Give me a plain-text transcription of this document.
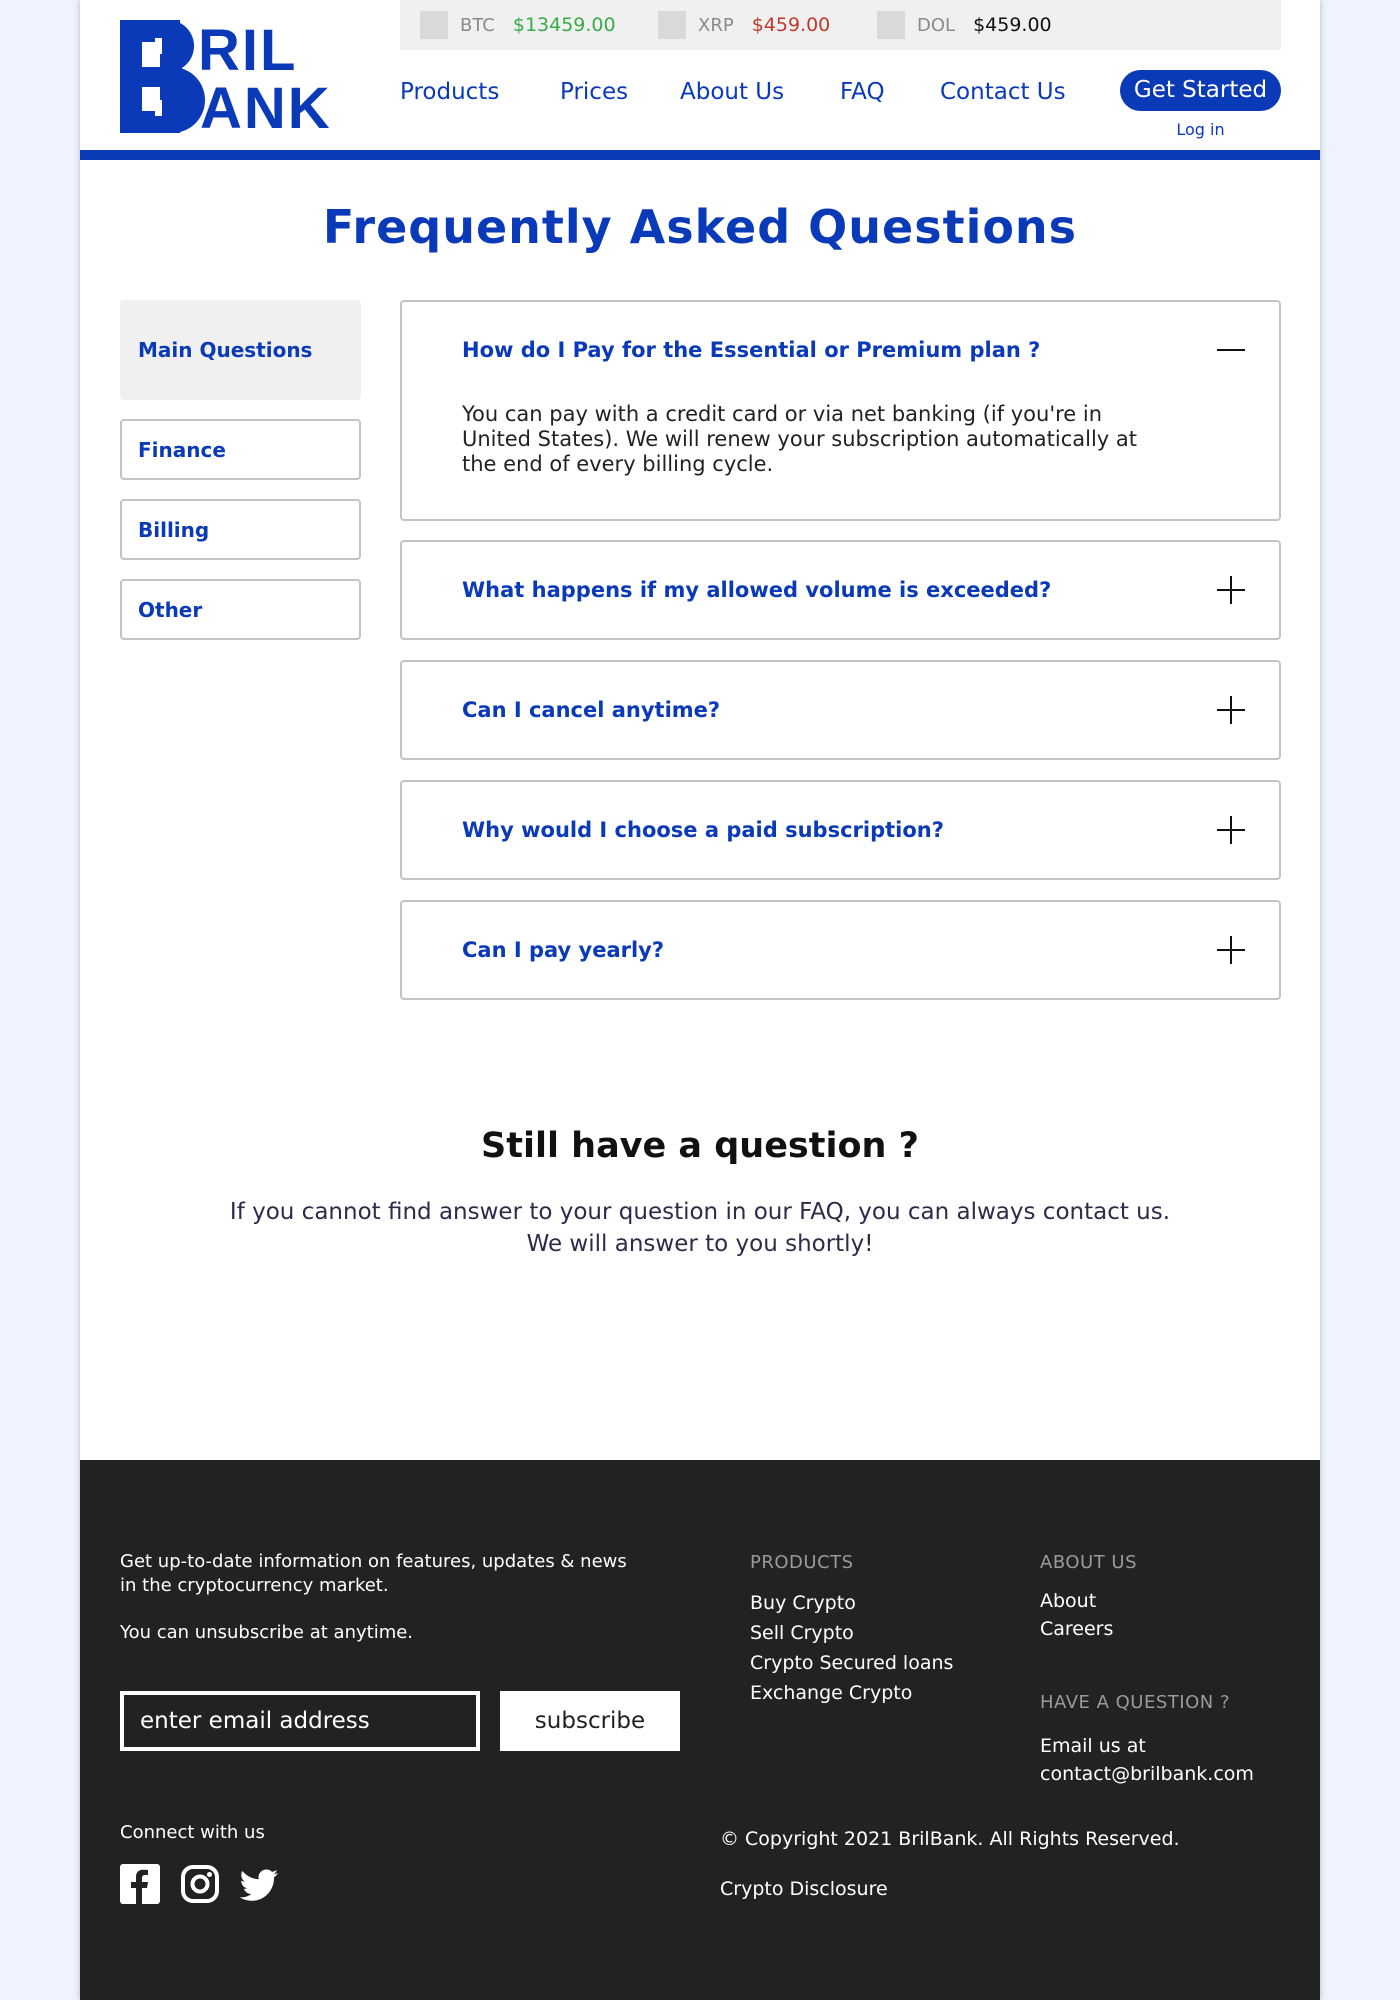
RIL
ANK
BTC $13459.00	XRP $459.00	DOL $459.00
Products	Prices About Us FAQ Contact Us	Get Started
Log in
Frequently Asked Questions
Main Questions
Finance
Billing
Other
How do I Pay for the Essential or Premium plan ?
You can pay with a credit card or via net banking (if you're in United States). We will renew your subscription automatically at the end of every billing cycle.
What happens if my allowed volume is exceeded?
Can I cancel anytime?
Why would I choose a paid subscription?
Can I pay yearly?
Still have a question ?
If you cannot find answer to your question in our FAQ, you can always contact us.
We will answer to you shortly!
Get up-to-date information on features, updates & news in the cryptocurrency market.
You can unsubscribe at anytime.
enter email address
subscribe
Connect with us
PRODUCTS
Buy Crypto
Sell Crypto
Crypto Secured loans
Exchange Crypto
ABOUT US
About
Careers
HAVE A QUESTION ?
Email us at
contact@brilbank.com
© Copyright 2021 BrilBank. All Rights Reserved.
Crypto Disclosure
